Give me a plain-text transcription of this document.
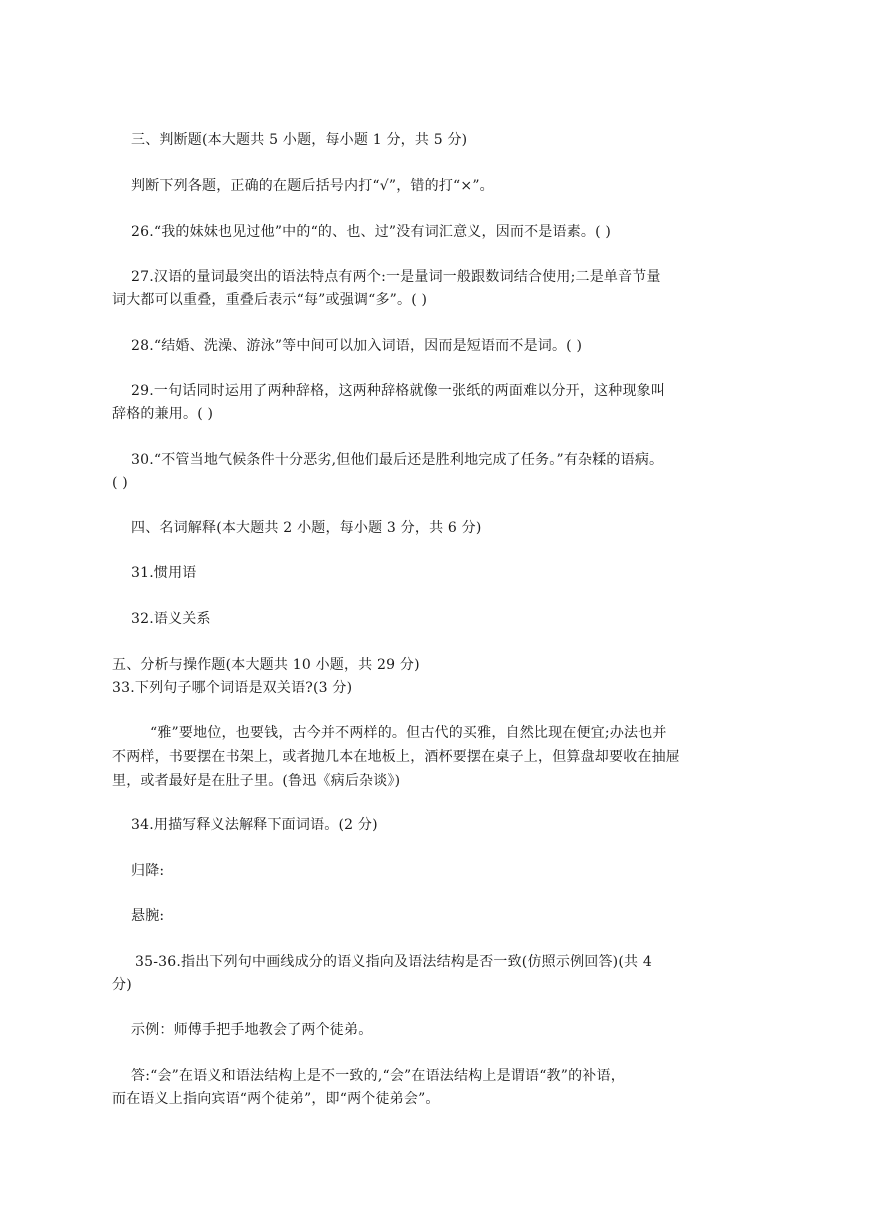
三、判断题(本大题共 5 小题，每小题 1 分，共 5 分)

判断下列各题，正确的在题后括号内打“√”，错的打“×”。

26.“我的妹妹也见过他”中的“的、也、过”没有词汇意义，因而不是语素。( )

27.汉语的量词最突出的语法特点有两个:一是量词一般跟数词结合使用;二是单音节量

词大都可以重叠，重叠后表示“每”或强调“多”。( )

28.“结婚、洗澡、游泳”等中间可以加入词语，因而是短语而不是词。( )

29.一句话同时运用了两种辞格，这两种辞格就像一张纸的两面难以分开，这种现象叫

辞格的兼用。( )

30.“不管当地气候条件十分恶劣,但他们最后还是胜利地完成了任务。”有杂糅的语病。

( )

四、名词解释(本大题共 2 小题，每小题 3 分，共 6 分)

31.惯用语

32.语义关系

五、分析与操作题(本大题共 10 小题，共 29 分)

33.下列句子哪个词语是双关语?(3 分)

“雅”要地位，也要钱，古今并不两样的。但古代的买雅，自然比现在便宜;办法也并

不两样，书要摆在书架上，或者抛几本在地板上，酒杯要摆在桌子上，但算盘却要收在抽屉

里，或者最好是在肚子里。(鲁迅《病后杂谈》)

34.用描写释义法解释下面词语。(2 分)

归降:

悬腕:

35-36.指出下列句中画线成分的语义指向及语法结构是否一致(仿照示例回答)(共 4

分)

示例：师傅手把手地教会了两个徒弟。

答:“会”在语义和语法结构上是不一致的,“会”在语法结构上是谓语“教”的补语，

而在语义上指向宾语“两个徒弟”，即“两个徒弟会”。
